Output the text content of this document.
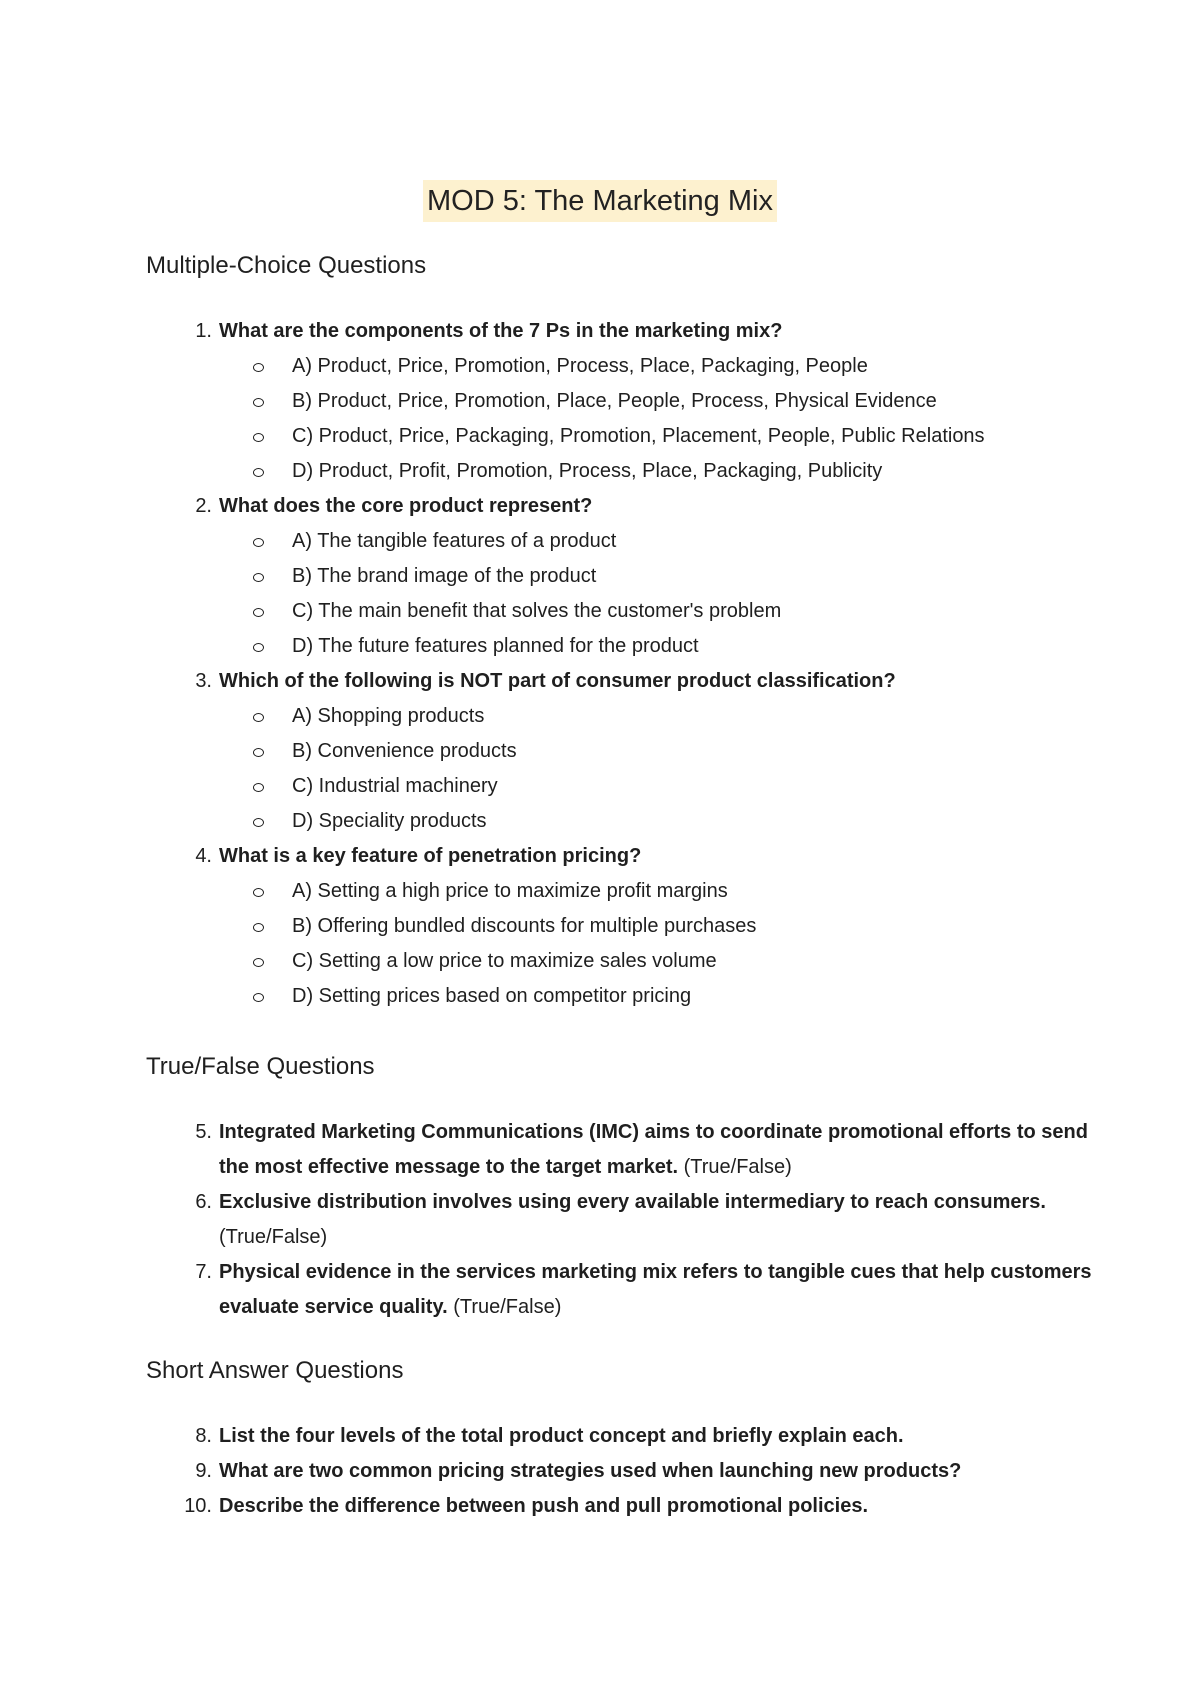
MOD 5: The Marketing Mix
Multiple-Choice Questions
1. What are the components of the 7 Ps in the marketing mix?
A) Product, Price, Promotion, Process, Place, Packaging, People
B) Product, Price, Promotion, Place, People, Process, Physical Evidence
C) Product, Price, Packaging, Promotion, Placement, People, Public Relations
D) Product, Profit, Promotion, Process, Place, Packaging, Publicity
2. What does the core product represent?
A) The tangible features of a product
B) The brand image of the product
C) The main benefit that solves the customer's problem
D) The future features planned for the product
3. Which of the following is NOT part of consumer product classification?
A) Shopping products
B) Convenience products
C) Industrial machinery
D) Speciality products
4. What is a key feature of penetration pricing?
A) Setting a high price to maximize profit margins
B) Offering bundled discounts for multiple purchases
C) Setting a low price to maximize sales volume
D) Setting prices based on competitor pricing
True/False Questions
5. Integrated Marketing Communications (IMC) aims to coordinate promotional efforts to send the most effective message to the target market. (True/False)
6. Exclusive distribution involves using every available intermediary to reach consumers. (True/False)
7. Physical evidence in the services marketing mix refers to tangible cues that help customers evaluate service quality. (True/False)
Short Answer Questions
8. List the four levels of the total product concept and briefly explain each.
9. What are two common pricing strategies used when launching new products?
10. Describe the difference between push and pull promotional policies.
